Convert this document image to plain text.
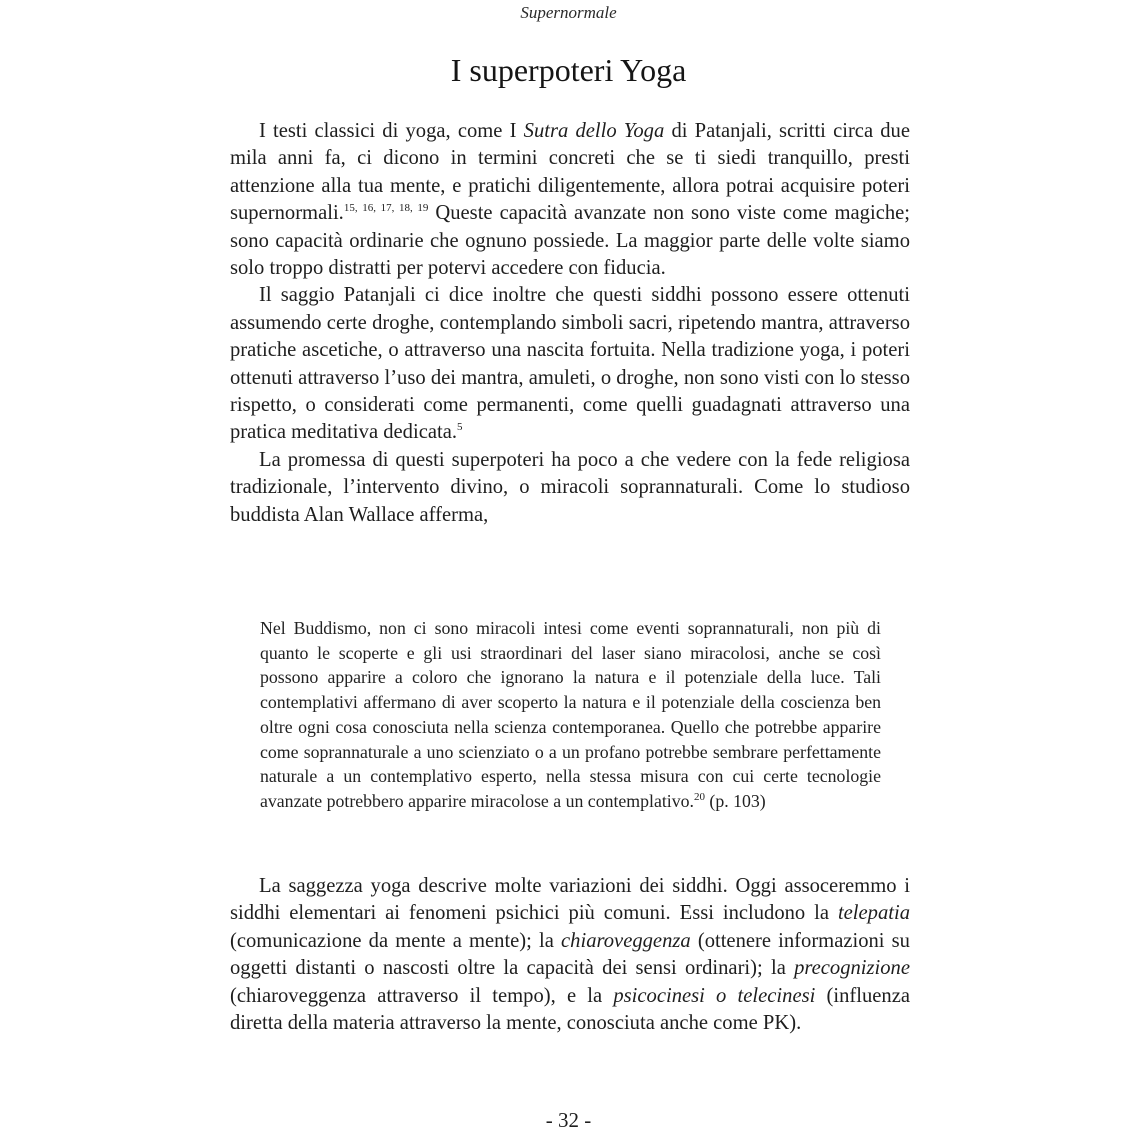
Supernormale
I superpoteri Yoga

I testi classici di yoga, come I Sutra dello Yoga di Patanjali, scritti circa due mila anni fa, ci dicono in termini concreti che se ti siedi tranquillo, presti attenzione alla tua mente, e pratichi diligentemente, allora potrai acquisire poteri supernormali.$^{15, 16, 17, 18, 19}$ Queste capacità avanzate non sono viste come magiche; sono capacità ordinarie che ognuno possiede. La maggior parte delle volte siamo solo troppo distratti per potervi accedere con fiducia.

Il saggio Patanjali ci dice inoltre che questi siddhi possono essere ottenuti assumendo certe droghe, contemplando simboli sacri, ripetendo mantra, attraverso pratiche ascetiche, o attraverso una nascita fortuita. Nella tradizione yoga, i poteri ottenuti attraverso l’uso dei mantra, amuleti, o droghe, non sono visti con lo stesso rispetto, o considerati come permanenti, come quelli guadagnati attraverso una pratica meditativa dedicata.$^5$

La promessa di questi superpoteri ha poco a che vedere con la fede religiosa tradizionale, l’intervento divino, o miracoli soprannaturali. Come lo studioso buddista Alan Wallace afferma,

Nel Buddismo, non ci sono miracoli intesi come eventi soprannaturali, non più di quanto le scoperte e gli usi straordinari del laser siano miracolosi, anche se così possono apparire a coloro che ignorano la natura e il potenziale della luce. Tali contemplativi affermano di aver scoperto la natura e il potenziale della coscienza ben oltre ogni cosa conosciuta nella scienza contemporanea. Quello che potrebbe apparire come soprannaturale a uno scienziato o a un profano potrebbe sembrare perfettamente naturale a un contemplativo esperto, nella stessa misura con cui certe tecnologie avanzate potrebbero apparire miracolose a un contemplativo.$^{20}$ (p. 103)

La saggezza yoga descrive molte variazioni dei siddhi. Oggi assoceremmo i siddhi elementari ai fenomeni psichici più comuni. Essi includono la telepatia (comunicazione da mente a mente); la chiaroveggenza (ottenere informazioni su oggetti distanti o nascosti oltre la capacità dei sensi ordinari); la precognizione (chiaroveggenza attraverso il tempo), e la psicocinesi o telecinesi (influenza diretta della materia attraverso la mente, conosciuta anche come PK).

- 32 -
